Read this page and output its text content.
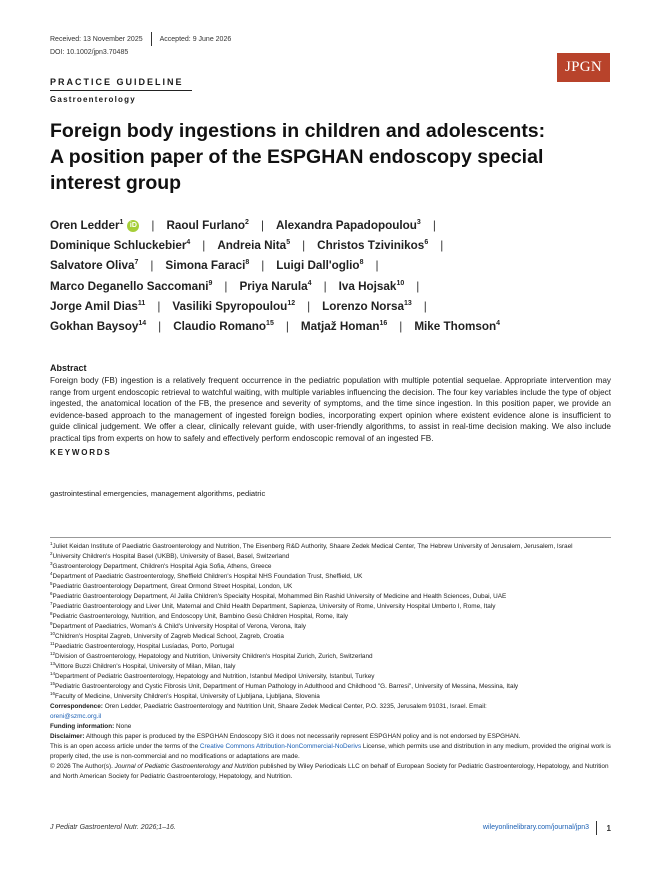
Received: 13 November 2025 Accepted: 9 June 2026
DOI: 10.1002/jpn3.70485
JPGN
PRACTICE GUIDELINE
Gastroenterology
Foreign body ingestions in children and adolescents:
A position paper of the ESPGHAN endoscopy special
interest group
Oren Ledder$^1$ iD | Raoul Furlano$^2$ | Alexandra Papadopoulou$^3$ |
Dominique Schluckebier$^4$ | Andreia Nita$^5$ | Christos Tzivinikos$^6$ |
Salvatore Oliva$^7$ | Simona Faraci$^8$ | Luigi Dall'oglio$^8$ |
Marco Deganello Saccomani$^9$ | Priya Narula$^4$ | Iva Hojsak$^{10}$ |
Jorge Amil Dias$^{11}$ | Vasiliki Spyropoulou$^{12}$ | Lorenzo Norsa$^{13}$ |
Gokhan Baysoy$^{14}$ | Claudio Romano$^{15}$ | Matjaž Homan$^{16}$ | Mike Thomson$^4$
Abstract

Foreign body (FB) ingestion is a relatively frequent occurrence in the pediatric population with multiple potential sequelae. Appropriate intervention may range from urgent endoscopic retrieval to watchful waiting, with multiple variables influencing the decision. The four key variables include the type of object ingested, the anatomical location of the FB, the presence and severity of symptoms, and the time since ingestion. In this position paper, we provide an evidence-based approach to the management of ingested foreign bodies, incorporating expert opinion where existent evidence alone is insufficient to guide clinical judgement. We offer a clear, clinically relevant guide, with user-friendly algorithms, to assist in real-time decision making. We also include practical tips from experts on how to safely and effectively perform endoscopic removal of an ingested FB.

KEYWORDS
gastrointestinal emergencies, management algorithms, pediatric

$^1$Juliet Keidan Institute of Paediatric Gastroenterology and Nutrition, The Eisenberg R&D Authority, Shaare Zedek Medical Center, The Hebrew University of Jerusalem, Jerusalem, Israel

$^2$University Children's Hospital Basel (UKBB), University of Basel, Basel, Switzerland

$^3$Gastroenterology Department, Children's Hospital Agia Sofia, Athens, Greece

$^4$Department of Paediatric Gastroenterology, Sheffield Children's Hospital NHS Foundation Trust, Sheffield, UK

$^5$Paediatric Gastroenterology Department, Great Ormond Street Hospital, London, UK

$^6$Paediatric Gastroenterology Department, Al Jalila Children's Specialty Hospital, Mohammed Bin Rashid University of Medicine and Health Sciences, Dubai, UAE

$^7$Paediatric Gastroenterology and Liver Unit, Maternal and Child Health Department, Sapienza, University of Rome, University Hospital Umberto I, Rome, Italy

$^8$Pediatric Gastroenterology, Nutrition, and Endoscopy Unit, Bambino Gesù Children Hospital, Rome, Italy

$^9$Department of Paediatrics, Woman's & Child's University Hospital of Verona, Verona, Italy

$^{10}$Children's Hospital Zagreb, University of Zagreb Medical School, Zagreb, Croatia

$^{11}$Paediatric Gastroenterology, Hospital Lusíadas, Porto, Portugal

$^{12}$Division of Gastroenterology, Hepatology and Nutrition, University Children's Hospital Zurich, Zurich, Switzerland

$^{13}$Vittore Buzzi Children's Hospital, University of Milan, Milan, Italy

$^{14}$Department of Pediatric Gastroenterology, Hepatology and Nutrition, Istanbul Medipol University, Istanbul, Turkey

$^{15}$Pediatric Gastroenterology and Cystic Fibrosis Unit, Department of Human Pathology in Adulthood and Childhood "G. Barresi", University of Messina, Messina, Italy

$^{16}$Faculty of Medicine, University Children's Hospital, University of Ljubljana, Ljubljana, Slovenia

Correspondence: Oren Ledder, Paediatric Gastroenterology and Nutrition Unit, Shaare Zedek Medical Center, P.O. 3235, Jerusalem 91031, Israel. Email:
oreni@szmc.org.il

Funding information: None

Disclaimer: Although this paper is produced by the ESPGHAN Endoscopy SIG it does not necessarily represent ESPGHAN policy and is not endorsed by ESPGHAN.

This is an open access article under the terms of the Creative Commons Attribution-NonCommercial-NoDerivs License, which permits use and distribution in any medium, provided the original work is properly cited, the use is non-commercial and no modifications or adaptations are made.

© 2026 The Author(s). Journal of Pediatric Gastroenterology and Nutrition published by Wiley Periodicals LLC on behalf of European Society for Pediatric Gastroenterology, Hepatology, and Nutrition and North American Society for Pediatric Gastroenterology, Hepatology, and Nutrition.

J Pediatr Gastroenterol Nutr. 2026;1–16.	wileyonlinelibrary.com/journal/jpn3 1
